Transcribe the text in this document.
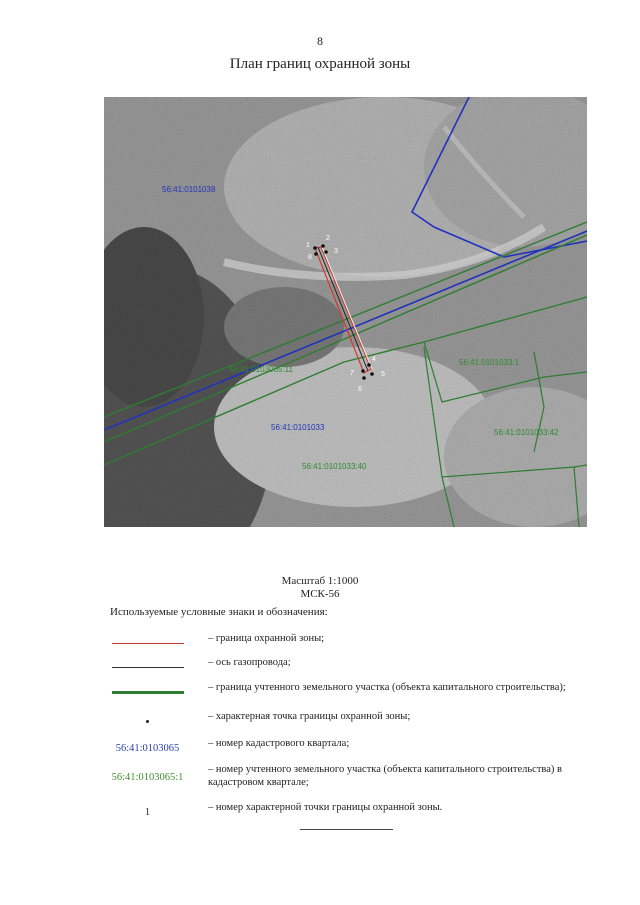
8
План границ охранной зоны
1
2
3
8
4
5
6
7
56:41:0101038
56:41:0101033
56:41:0103065:11
56:41:0101033:1
56:41:0101033:42
56:41:0101033:40
Масштаб 1:1000
МСК-56
Используемые условные знаки и обозначения:
– граница охранной зоны;
– ось газопровода;
– граница учтенного земельного участка (объекта капитального строительства);
– характерная точка границы охранной зоны;
56:41:0103065	– номер кадастрового квартала;
56:41:0103065:1
– номер учтенного земельного участка (объекта капитального строительства) в кадастровом квартале;
1	– номер характерной точки границы охранной зоны.
